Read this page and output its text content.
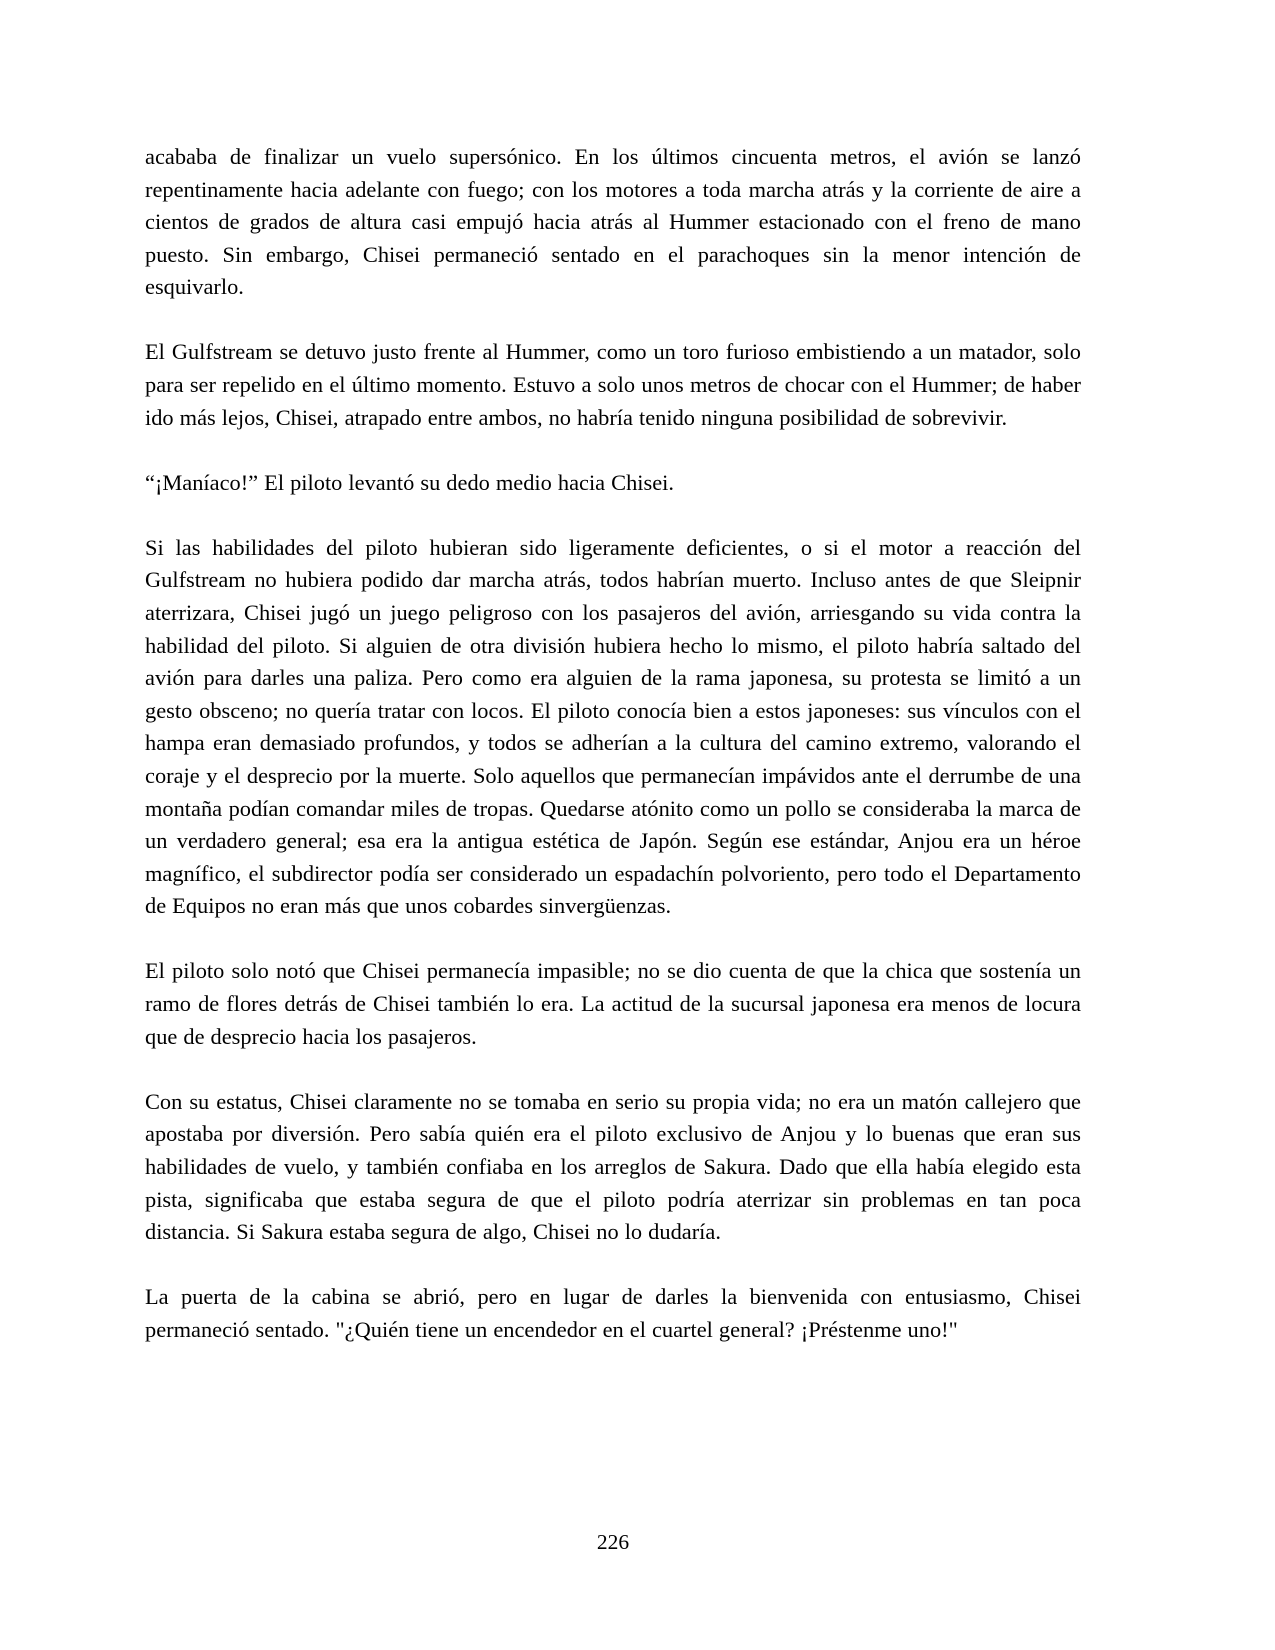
acababa de finalizar un vuelo supersónico. En los últimos cincuenta metros, el avión se lanzó repentinamente hacia adelante con fuego; con los motores a toda marcha atrás y la corriente de aire a cientos de grados de altura casi empujó hacia atrás al Hummer estacionado con el freno de mano puesto. Sin embargo, Chisei permaneció sentado en el parachoques sin la menor intención de esquivarlo.

El Gulfstream se detuvo justo frente al Hummer, como un toro furioso embistiendo a un matador, solo para ser repelido en el último momento. Estuvo a solo unos metros de chocar con el Hummer; de haber ido más lejos, Chisei, atrapado entre ambos, no habría tenido ninguna posibilidad de sobrevivir.

“¡Maníaco!” El piloto levantó su dedo medio hacia Chisei.

Si las habilidades del piloto hubieran sido ligeramente deficientes, o si el motor a reacción del Gulfstream no hubiera podido dar marcha atrás, todos habrían muerto. Incluso antes de que Sleipnir aterrizara, Chisei jugó un juego peligroso con los pasajeros del avión, arriesgando su vida contra la habilidad del piloto. Si alguien de otra división hubiera hecho lo mismo, el piloto habría saltado del avión para darles una paliza. Pero como era alguien de la rama japonesa, su protesta se limitó a un gesto obsceno; no quería tratar con locos. El piloto conocía bien a estos japoneses: sus vínculos con el hampa eran demasiado profundos, y todos se adherían a la cultura del camino extremo, valorando el coraje y el desprecio por la muerte. Solo aquellos que permanecían impávidos ante el derrumbe de una montaña podían comandar miles de tropas. Quedarse atónito como un pollo se consideraba la marca de un verdadero general; esa era la antigua estética de Japón. Según ese estándar, Anjou era un héroe magnífico, el subdirector podía ser considerado un espadachín polvoriento, pero todo el Departamento de Equipos no eran más que unos cobardes sinvergüenzas.

El piloto solo notó que Chisei permanecía impasible; no se dio cuenta de que la chica que sostenía un ramo de flores detrás de Chisei también lo era. La actitud de la sucursal japonesa era menos de locura que de desprecio hacia los pasajeros.

Con su estatus, Chisei claramente no se tomaba en serio su propia vida; no era un matón callejero que apostaba por diversión. Pero sabía quién era el piloto exclusivo de Anjou y lo buenas que eran sus habilidades de vuelo, y también confiaba en los arreglos de Sakura. Dado que ella había elegido esta pista, significaba que estaba segura de que el piloto podría aterrizar sin problemas en tan poca distancia. Si Sakura estaba segura de algo, Chisei no lo dudaría.

La puerta de la cabina se abrió, pero en lugar de darles la bienvenida con entusiasmo, Chisei permaneció sentado. "¿Quién tiene un encendedor en el cuartel general? ¡Préstenme uno!"

226
